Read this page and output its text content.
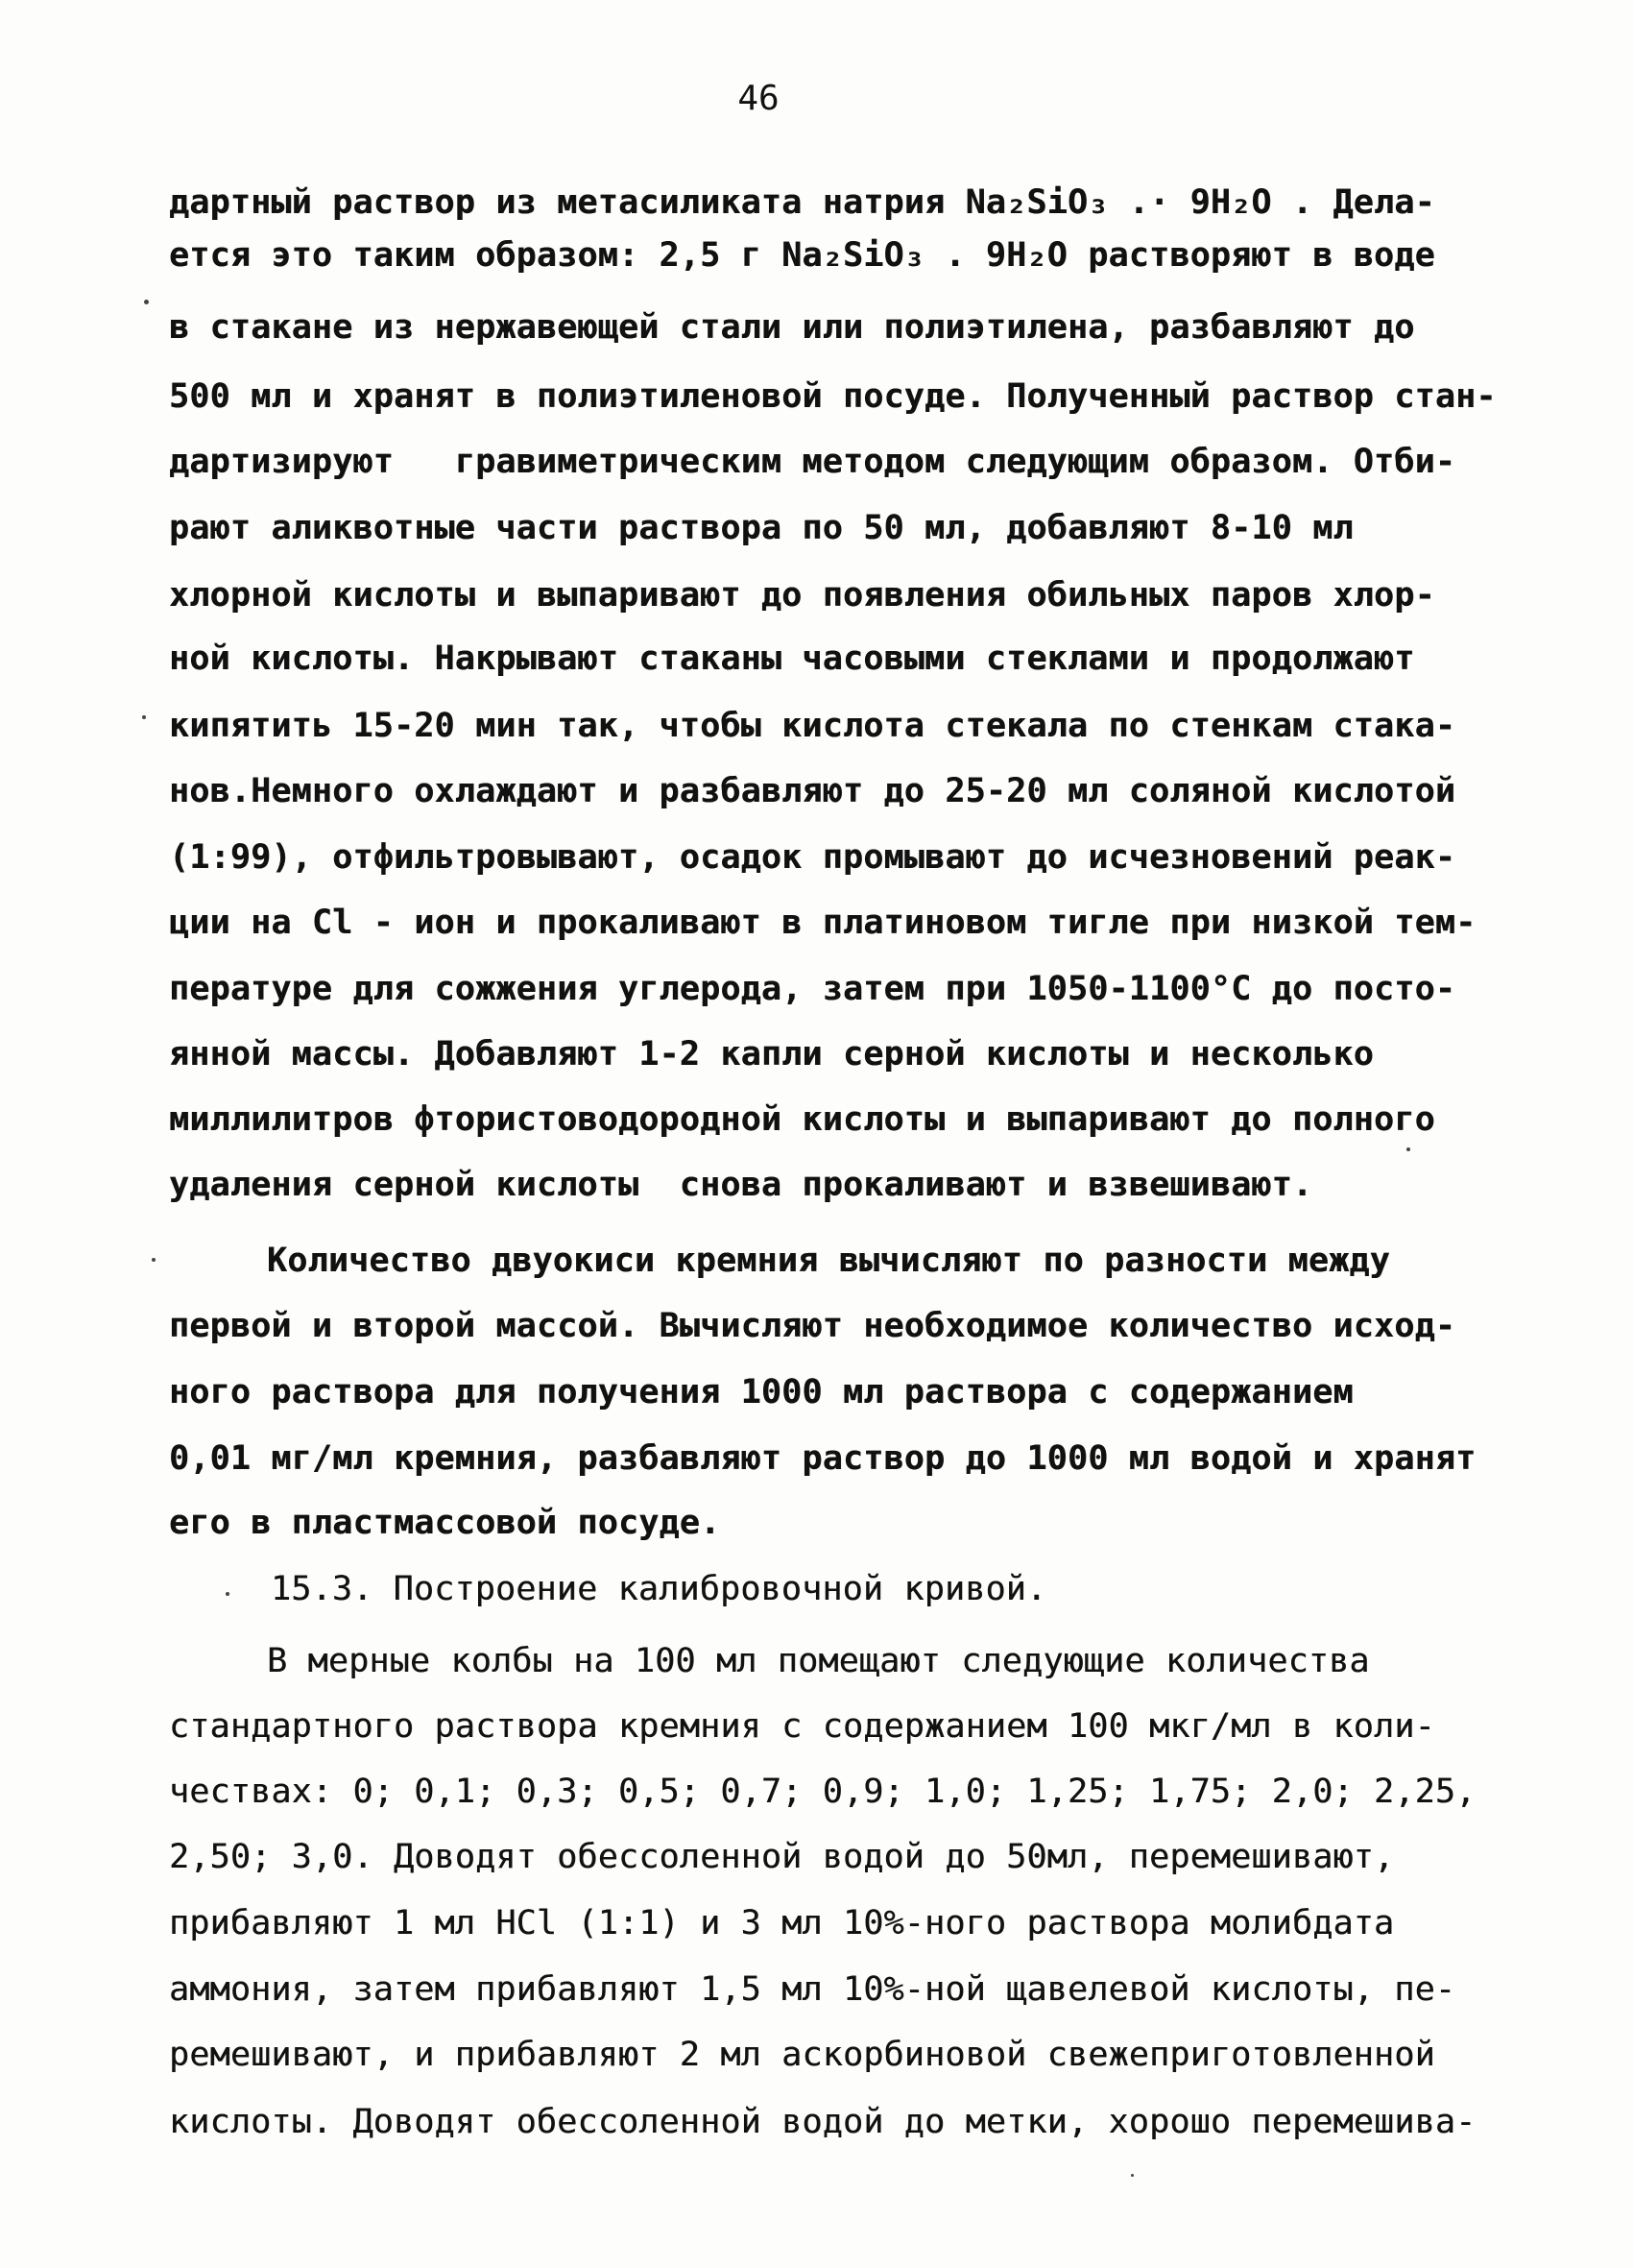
46
дартный раствор из метасиликата натрия Na₂SiO₃ .· 9H₂O . Дела-
ется это таким образом: 2,5 г Na₂SiO₃ . 9H₂O растворяют в воде
в стакане из нержавеющей стали или полиэтилена, разбавляют до
500 мл и хранят в полиэтиленовой посуде. Полученный раствор стан-
дартизируют   гравиметрическим методом следующим образом. Отби-
рают аликвотные части раствора по 50 мл, добавляют 8-10 мл
хлорной кислоты и выпаривают до появления обильных паров хлор-
ной кислоты. Накрывают стаканы часовыми стеклами и продолжают
кипятить 15-20 мин так, чтобы кислота стекала по стенкам стака-
нов.Немного охлаждают и разбавляют до 25-20 мл соляной кислотой
(1:99), отфильтровывают, осадок промывают до исчезновений реак-
ции на Cl - ион и прокаливают в платиновом тигле при низкой тем-
пературе для сожжения углерода, затем при 1050-1100°C до посто-
янной массы. Добавляют 1-2 капли серной кислоты и несколько
миллилитров фтористоводородной кислоты и выпаривают до полного
удаления серной кислоты  снова прокаливают и взвешивают.
Количество двуокиси кремния вычисляют по разности между
первой и второй массой. Вычисляют необходимое количество исход-
ного раствора для получения 1000 мл раствора с содержанием
0,01 мг/мл кремния, разбавляют раствор до 1000 мл водой и хранят
его в пластмассовой посуде.
15.3. Построение калибровочной кривой.
В мерные колбы на 100 мл помещают следующие количества
стандартного раствора кремния с содержанием 100 мкг/мл в коли-
чествах: 0; 0,1; 0,3; 0,5; 0,7; 0,9; 1,0; 1,25; 1,75; 2,0; 2,25,
2,50; 3,0. Доводят обессоленной водой до 50мл, перемешивают,
прибавляют 1 мл HCl (1:1) и 3 мл 10%-ного раствора молибдата
аммония, затем прибавляют 1,5 мл 10%-ной щавелевой кислоты, пе-
ремешивают, и прибавляют 2 мл аскорбиновой свежеприготовленной
кислоты. Доводят обессоленной водой до метки, хорошо перемешива-
